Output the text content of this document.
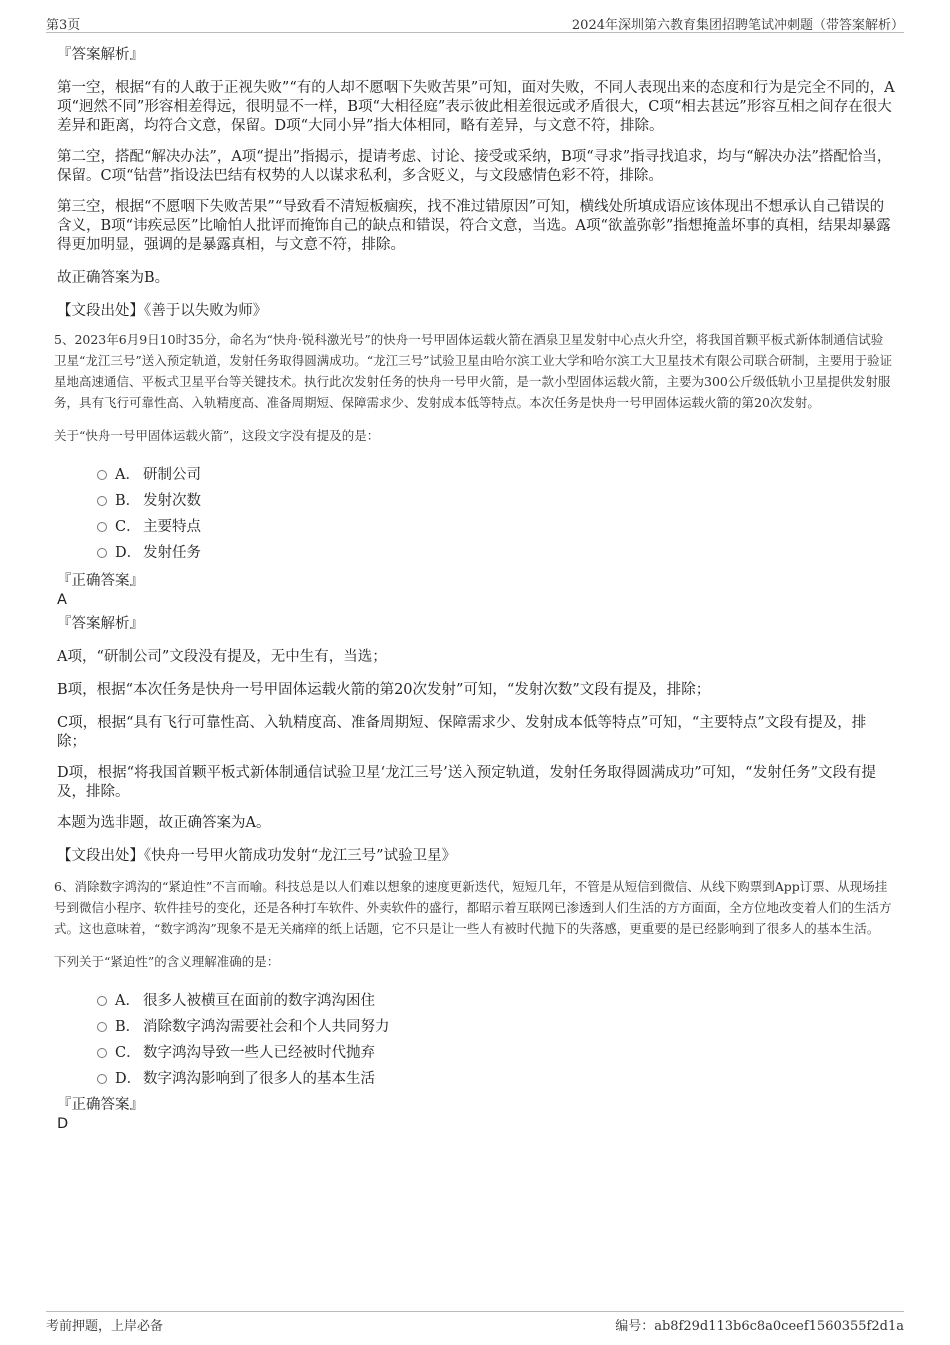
第3页	2024年深圳第六教育集团招聘笔试冲刺题（带答案解析）

『答案解析』

第一空，根据“有的人敢于正视失败”“有的人却不愿咽下失败苦果”可知，面对失败，不同人表现出来的态度和行为是完全不同的，A项“迥然不同”形容相差得远，很明显不一样，B项“大相径庭”表示彼此相差很远或矛盾很大，C项“相去甚远”形容互相之间存在很大差异和距离，均符合文意，保留。D项“大同小异”指大体相同，略有差异，与文意不符，排除。

第二空，搭配“解决办法”，A项“提出”指揭示，提请考虑、讨论、接受或采纳，B项“寻求”指寻找追求，均与“解决办法”搭配恰当，保留。C项“钻营”指设法巴结有权势的人以谋求私利，多含贬义，与文段感情色彩不符，排除。

第三空，根据“不愿咽下失败苦果”“导致看不清短板痼疾，找不准过错原因”可知，横线处所填成语应该体现出不想承认自己错误的含义，B项“讳疾忌医”比喻怕人批评而掩饰自己的缺点和错误，符合文意，当选。A项“欲盖弥彰”指想掩盖坏事的真相，结果却暴露得更加明显，强调的是暴露真相，与文意不符，排除。

故正确答案为B。

【文段出处】《善于以失败为师》

5、2023年6月9日10时35分，命名为“快舟·锐科激光号”的快舟一号甲固体运载火箭在酒泉卫星发射中心点火升空，将我国首颗平板式新体制通信试验卫星“龙江三号”送入预定轨道，发射任务取得圆满成功。“龙江三号”试验卫星由哈尔滨工业大学和哈尔滨工大卫星技术有限公司联合研制，主要用于验证星地高速通信、平板式卫星平台等关键技术。执行此次发射任务的快舟一号甲火箭，是一款小型固体运载火箭，主要为300公斤级低轨小卫星提供发射服务，具有飞行可靠性高、入轨精度高、准备周期短、保障需求少、发射成本低等特点。本次任务是快舟一号甲固体运载火箭的第20次发射。

关于“快舟一号甲固体运载火箭”，这段文字没有提及的是：

A． 研制公司
B． 发射次数
C． 主要特点
D． 发射任务

『正确答案』

A

『答案解析』

A项，“研制公司”文段没有提及，无中生有，当选；

B项，根据“本次任务是快舟一号甲固体运载火箭的第20次发射”可知，“发射次数”文段有提及，排除；

C项，根据“具有飞行可靠性高、入轨精度高、准备周期短、保障需求少、发射成本低等特点”可知，“主要特点”文段有提及，排除；

D项，根据“将我国首颗平板式新体制通信试验卫星‘龙江三号’送入预定轨道，发射任务取得圆满成功”可知，“发射任务”文段有提及，排除。

本题为选非题，故正确答案为A。

【文段出处】《快舟一号甲火箭成功发射“龙江三号”试验卫星》

6、消除数字鸿沟的“紧迫性”不言而喻。科技总是以人们难以想象的速度更新迭代，短短几年，不管是从短信到微信、从线下购票到App订票、从现场挂号到微信小程序、软件挂号的变化，还是各种打车软件、外卖软件的盛行，都昭示着互联网已渗透到人们生活的方方面面，全方位地改变着人们的生活方式。这也意味着，“数字鸿沟”现象不是无关痛痒的纸上话题，它不只是让一些人有被时代抛下的失落感，更重要的是已经影响到了很多人的基本生活。

下列关于“紧迫性”的含义理解准确的是：

A． 很多人被横亘在面前的数字鸿沟困住
B． 消除数字鸿沟需要社会和个人共同努力
C． 数字鸿沟导致一些人已经被时代抛弃
D． 数字鸿沟影响到了很多人的基本生活

『正确答案』

D

考前押题，上岸必备	编号：ab8f29d113b6c8a0ceef1560355f2d1a
